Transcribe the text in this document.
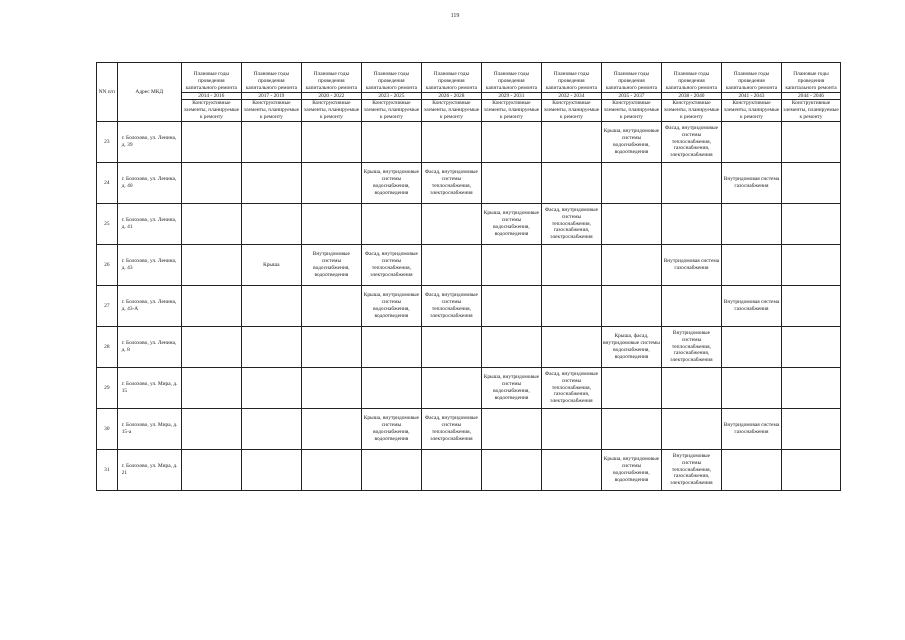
119
NN п/п	Адрес МКД	Плановые годы проведения капитального ремонта	Плановые годы проведения капитального ремонта	Плановые годы проведения капитального ремонта	Плановые годы проведения капитального ремонта	Плановые годы проведения капитального ремонта	Плановые годы проведения капитального ремонта	Плановые годы проведения капитального ремонта	Плановые годы проведения капитального ремонта	Плановые годы проведения капитального ремонта	Плановые годы проведения капитального ремонта	Плановые годы проведения капитального ремонта
		2014 - 2016	2017 - 2019	2020 - 2022	2023 - 2025	2026 - 2028	2029 - 2031	2032 - 2034	2035 - 2037	2038 - 2040	2041 - 2043	2044 - 2046
		Конструктивные элементы, планируемые к ремонту	Конструктивные элементы, планируемые к ремонту	Конструктивные элементы, планируемые к ремонту	Конструктивные элементы, планируемые к ремонту	Конструктивные элементы, планируемые к ремонту	Конструктивные элементы, планируемые к ремонту	Конструктивные элементы, планируемые к ремонту	Конструктивные элементы, планируемые к ремонту	Конструктивные элементы, планируемые к ремонту	Конструктивные элементы, планируемые к ремонту	Конструктивные элементы, планируемые к ремонту
23	г. Болохово, ул. Ленина, д. 39								Крыша, внутридомовые системы водоснабжения, водоотведения	Фасад, внутридомовые системы теплоснабжения, газоснабжения, электроснабжения		
24	г. Болохово, ул. Ленина, д. 40				Крыша, внутридомовые системы водоснабжения, водоотведения	Фасад, внутридомовые системы теплоснабжения, электроснабжения					Внутридомовая система газоснабжения	
25	г. Болохово, ул. Ленина, д. 41						Крыша, внутридомовые системы водоснабжения, водоотведения	Фасад, внутридомовые системы теплоснабжения, газоснабжения, электроснабжения				
26	г. Болохово, ул. Ленина, д. 43		Крыша	Внутридомовые системы водоснабжения, водоотведения	Фасад, внутридомовые системы теплоснабжения, электроснабжения					Внутридомовая система газоснабжения		
27	г. Болохово, ул. Ленина, д. 43-А				Крыша, внутридомовые системы водоснабжения, водоотведения	Фасад, внутридомовые системы теплоснабжения, электроснабжения					Внутридомовая система газоснабжения	
28	г. Болохово, ул. Ленина, д. 8								Крыша, фасад, внутридомовые системы водоснабжения, водоотведения	Внутридомовые системы теплоснабжения, газоснабжения, электроснабжения		
29	г. Болохово, ул. Мира, д. 15						Крыша, внутридомовые системы водоснабжения, водоотведения	Фасад, внутридомовые системы теплоснабжения, газоснабжения, электроснабжения				
30	г. Болохово, ул. Мира, д. 15-а				Крыша, внутридомовые системы водоснабжения, водоотведения	Фасад, внутридомовые системы теплоснабжения, электроснабжения					Внутридомовая система газоснабжения	
31	г. Болохово, ул. Мира, д. 21								Крыша, внутридомовые системы водоснабжения, водоотведения	Внутридомовые системы теплоснабжения, газоснабжения, электроснабжения		
